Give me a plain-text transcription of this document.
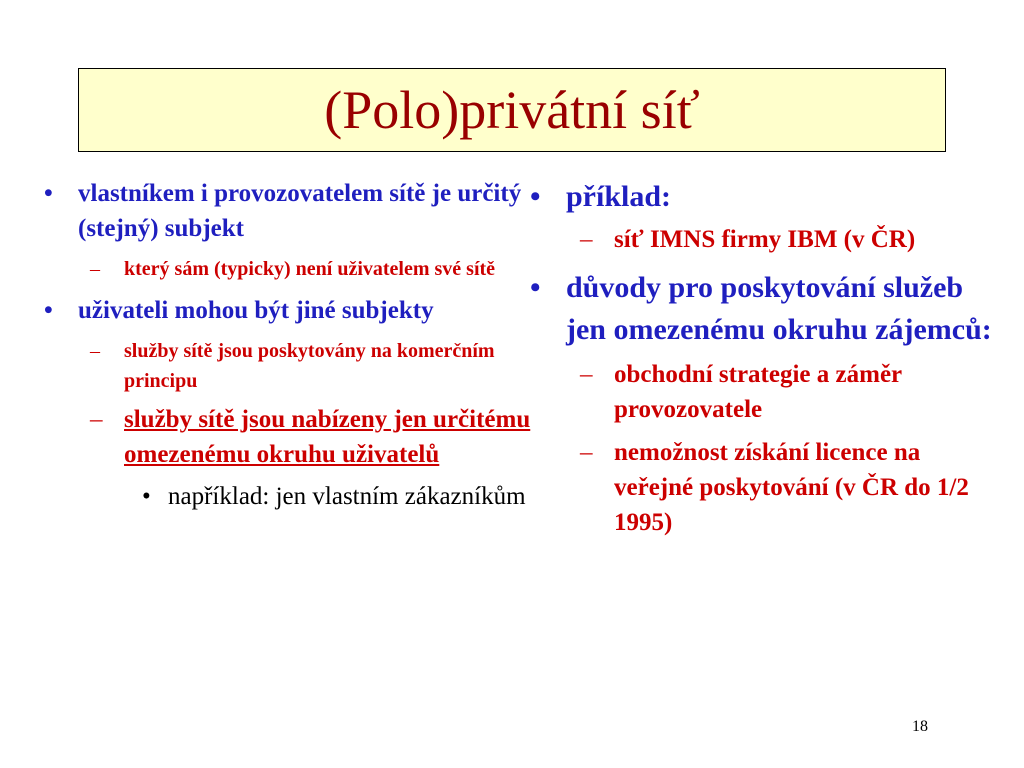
(Polo)privátní síť
• vlastníkem i provozovatelem sítě je určitý (stejný) subjekt
– který sám (typicky) není uživatelem své sítě
• uživateli mohou být jiné subjekty
– služby sítě jsou poskytovány na komerčním principu
– služby sítě jsou nabízeny jen určitému omezenému okruhu uživatelů
• například: jen vlastním zákazníkům
• příklad:
– síť IMNS firmy IBM (v ČR)
• důvody pro poskytování služeb jen omezenému okruhu zájemců:
– obchodní strategie a záměr provozovatele
– nemožnost získání licence na veřejné poskytování (v ČR do 1/2 1995)
18
